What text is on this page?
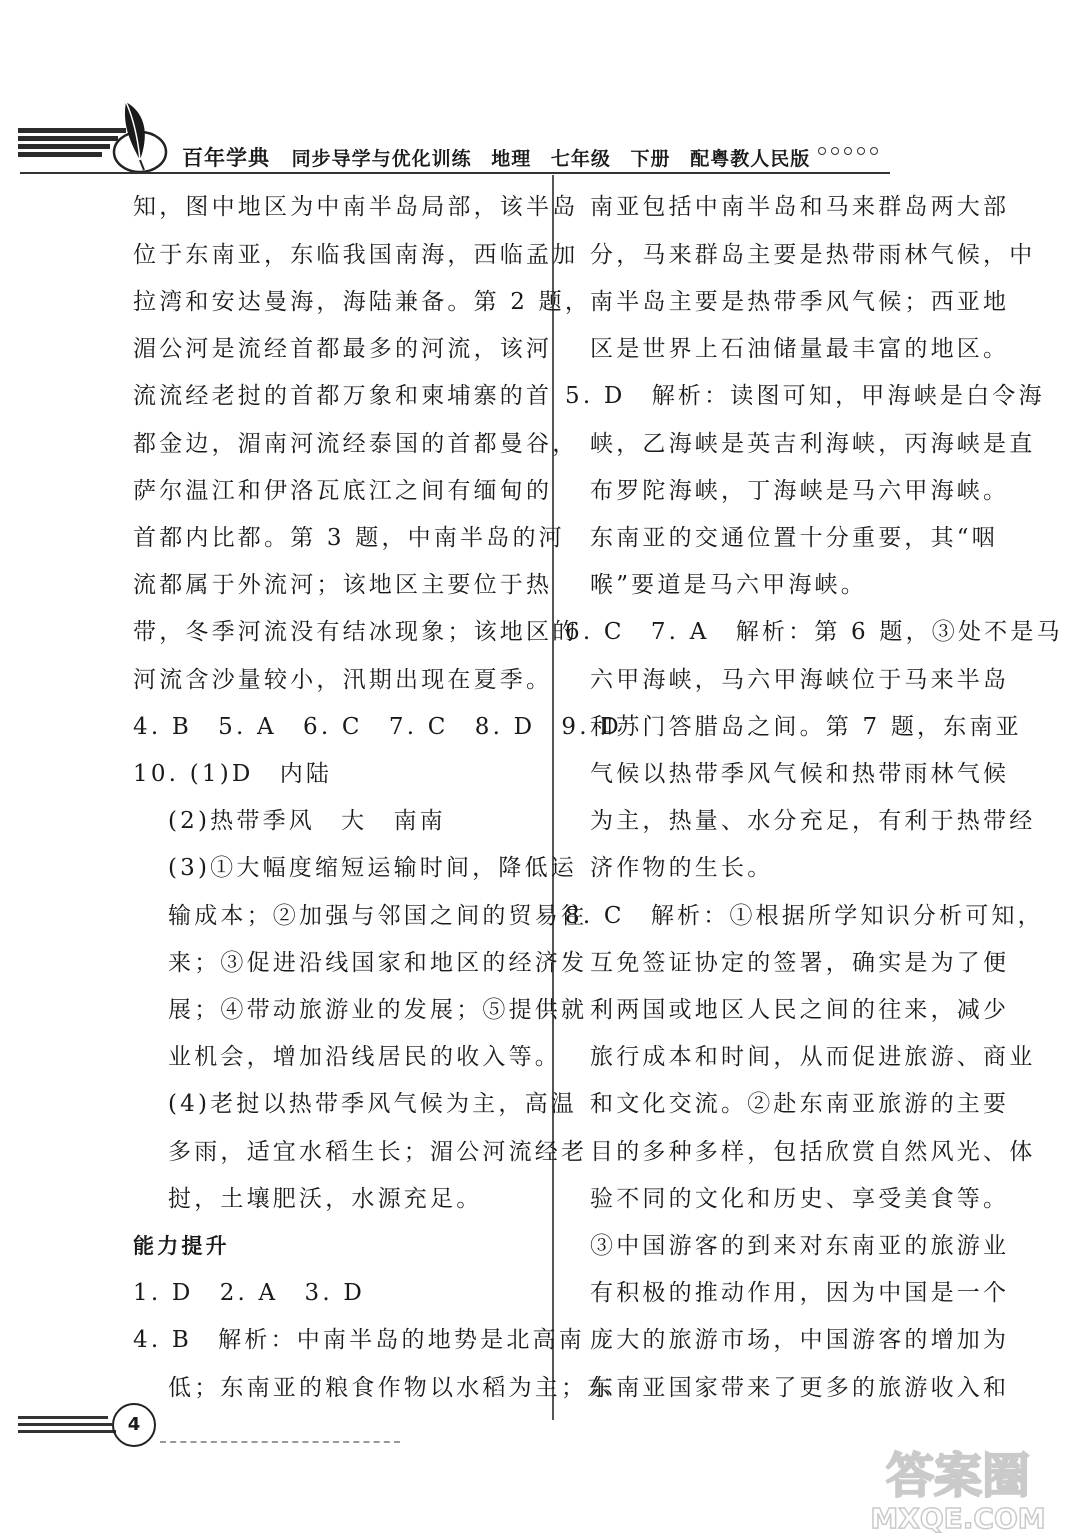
百年学典 同步导学与优化训练 地理 七年级 下册 配粤教人民版
知，图中地区为中南半岛局部，该半岛
位于东南亚，东临我国南海，西临孟加
拉湾和安达曼海，海陆兼备。第 2 题，
湄公河是流经首都最多的河流，该河
流流经老挝的首都万象和柬埔寨的首
都金边，湄南河流经泰国的首都曼谷，
萨尔温江和伊洛瓦底江之间有缅甸的
首都内比都。第 3 题，中南半岛的河
流都属于外流河；该地区主要位于热
带，冬季河流没有结冰现象；该地区的
河流含沙量较小，汛期出现在夏季。
4. B　5. A　6. C　7. C　8. D　9. D
10. (1)D　内陆
(2)热带季风　大　南南
(3)①大幅度缩短运输时间，降低运
输成本；②加强与邻国之间的贸易往
来；③促进沿线国家和地区的经济发
展；④带动旅游业的发展；⑤提供就
业机会，增加沿线居民的收入等。
(4)老挝以热带季风气候为主，高温
多雨，适宜水稻生长；湄公河流经老
挝，土壤肥沃，水源充足。
能力提升
1. D　2. A　3. D
4. B　解析：中南半岛的地势是北高南
低；东南亚的粮食作物以水稻为主；东
南亚包括中南半岛和马来群岛两大部
分，马来群岛主要是热带雨林气候，中
南半岛主要是热带季风气候；西亚地
区是世界上石油储量最丰富的地区。
5. D　解析：读图可知，甲海峡是白令海
峡，乙海峡是英吉利海峡，丙海峡是直
布罗陀海峡，丁海峡是马六甲海峡。
东南亚的交通位置十分重要，其“咽
喉”要道是马六甲海峡。
6. C　7. A　解析：第 6 题，③处不是马
六甲海峡，马六甲海峡位于马来半岛
和苏门答腊岛之间。第 7 题，东南亚
气候以热带季风气候和热带雨林气候
为主，热量、水分充足，有利于热带经
济作物的生长。
8. C　解析：①根据所学知识分析可知，
互免签证协定的签署，确实是为了便
利两国或地区人民之间的往来，减少
旅行成本和时间，从而促进旅游、商业
和文化交流。②赴东南亚旅游的主要
目的多种多样，包括欣赏自然风光、体
验不同的文化和历史、享受美食等。
③中国游客的到来对东南亚的旅游业
有积极的推动作用，因为中国是一个
庞大的旅游市场，中国游客的增加为
东南亚国家带来了更多的旅游收入和
4
答案圈
MXQE.COM
